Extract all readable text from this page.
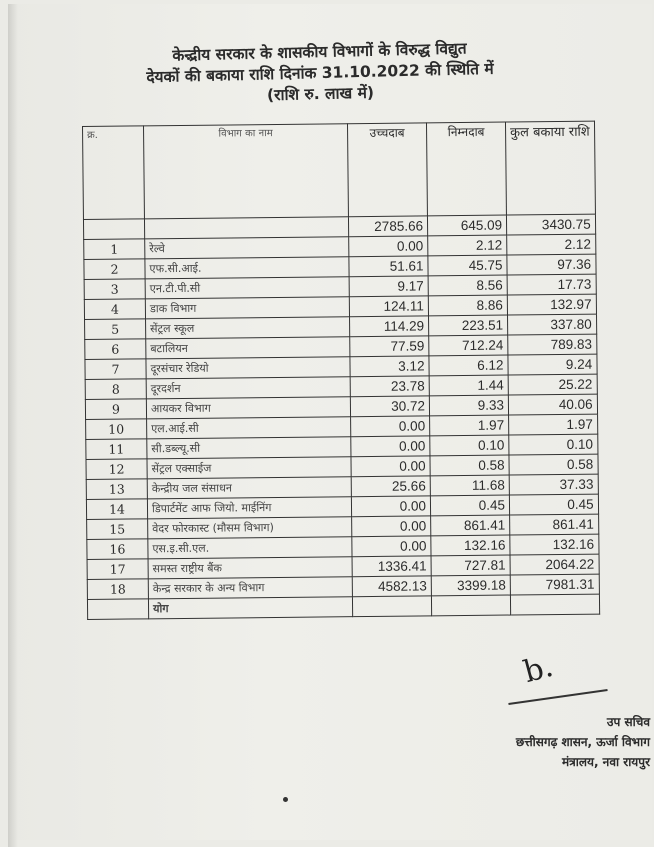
केन्द्रीय सरकार के शासकीय विभागों के विरुद्ध विद्युत
देयकों की बकाया राशि दिनांक 31.10.2022 की स्थिति में
(राशि रु. लाख में)
क्र.	विभाग का नाम	उच्चदाब	निम्नदाब	कुल बकाया राशि
		2785.66	645.09	3430.75
1	रेल्वे	0.00	2.12	2.12
2	एफ.सी.आई.	51.61	45.75	97.36
3	एन.टी.पी.सी	9.17	8.56	17.73
4	डाक विभाग	124.11	8.86	132.97
5	सेंट्रल स्कूल	114.29	223.51	337.80
6	बटालियन	77.59	712.24	789.83
7	दूरसंचार रेडियो	3.12	6.12	9.24
8	दूरदर्शन	23.78	1.44	25.22
9	आयकर विभाग	30.72	9.33	40.06
10	एल.आई.सी	0.00	1.97	1.97
11	सी.डब्ल्यू.सी	0.00	0.10	0.10
12	सेंट्रल एक्साईज	0.00	0.58	0.58
13	केन्द्रीय जल संसाधन	25.66	11.68	37.33
14	डिपार्टमेंट आफ जियो. माईनिंग	0.00	0.45	0.45
15	वेदर फोरकास्ट (मौसम विभाग)	0.00	861.41	861.41
16	एस.इ.सी.एल.	0.00	132.16	132.16
17	समस्त राष्ट्रीय बैंक	1336.41	727.81	2064.22
18	केन्द्र सरकार के अन्य विभाग	4582.13	3399.18	7981.31
	योग			
b.
उप सचिव
छत्तीसगढ़ शासन, ऊर्जा विभाग
मंत्रालय, नवा रायपुर
